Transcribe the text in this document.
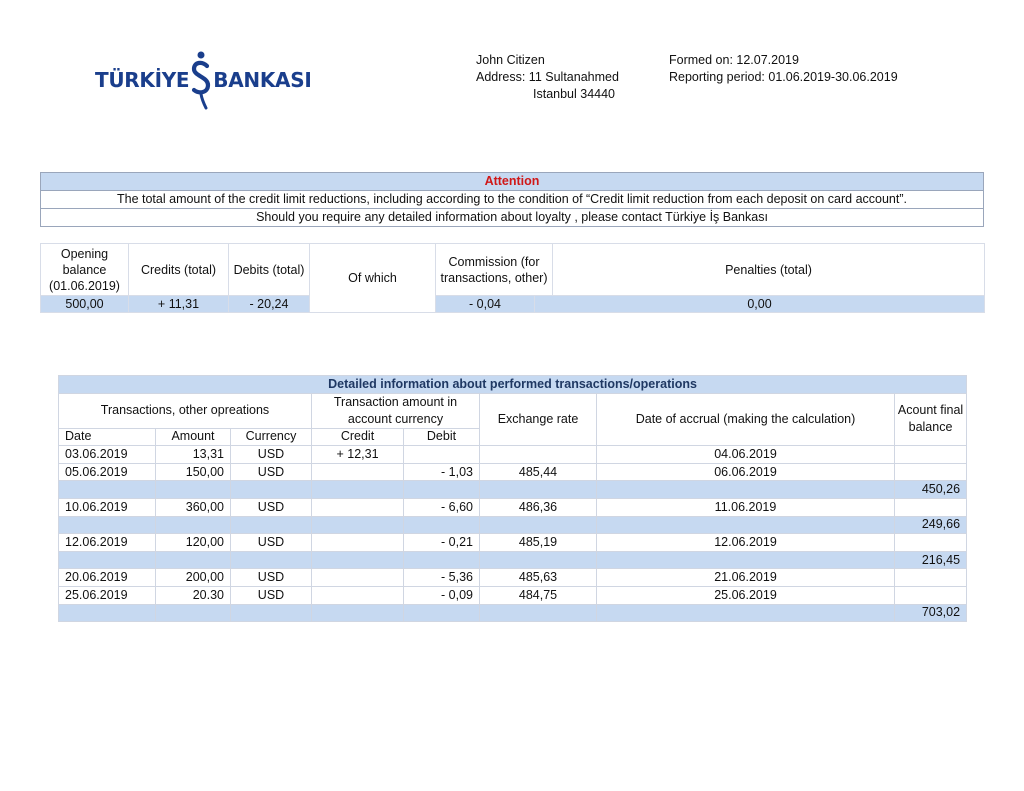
TÜRKİYE BANKASI
John Citizen
Address: 11 Sultanahmed
Istanbul 34440
Formed on: 12.07.2019
Reporting period: 01.06.2019-30.06.2019
Attention
The total amount of the credit limit reductions, including according to the condition of “Credit limit reduction from each deposit on card account”.
Should you require any detailed information about loyalty , please contact Türkiye İş Bankası
Opening balance (01.06.2019)	Credits (total)	Debits (total)	Of which	Commission (for transactions, other)		Penalties (total)
500,00	+ 11,31	- 20,24		- 0,04	0,00	
Detailed information about performed transactions/operations							
Transactions, other opreations			Transaction amount in account currency		Exchange rate	Date of accrual (making the calculation)	Acount final balance

Date	Amount	Currency	Credit	Debit			
03.06.2019	13,31	USD	+ 12,31			04.06.2019	
05.06.2019	150,00	USD		- 1,03	485,44	06.06.2019	
							450,26
10.06.2019	360,00	USD		- 6,60	486,36	11.06.2019	
							249,66
12.06.2019	120,00	USD		- 0,21	485,19	12.06.2019	
							216,45
20.06.2019	200,00	USD		- 5,36	485,63	21.06.2019	
25.06.2019	20.30	USD		- 0,09	484,75	25.06.2019	
							703,02
